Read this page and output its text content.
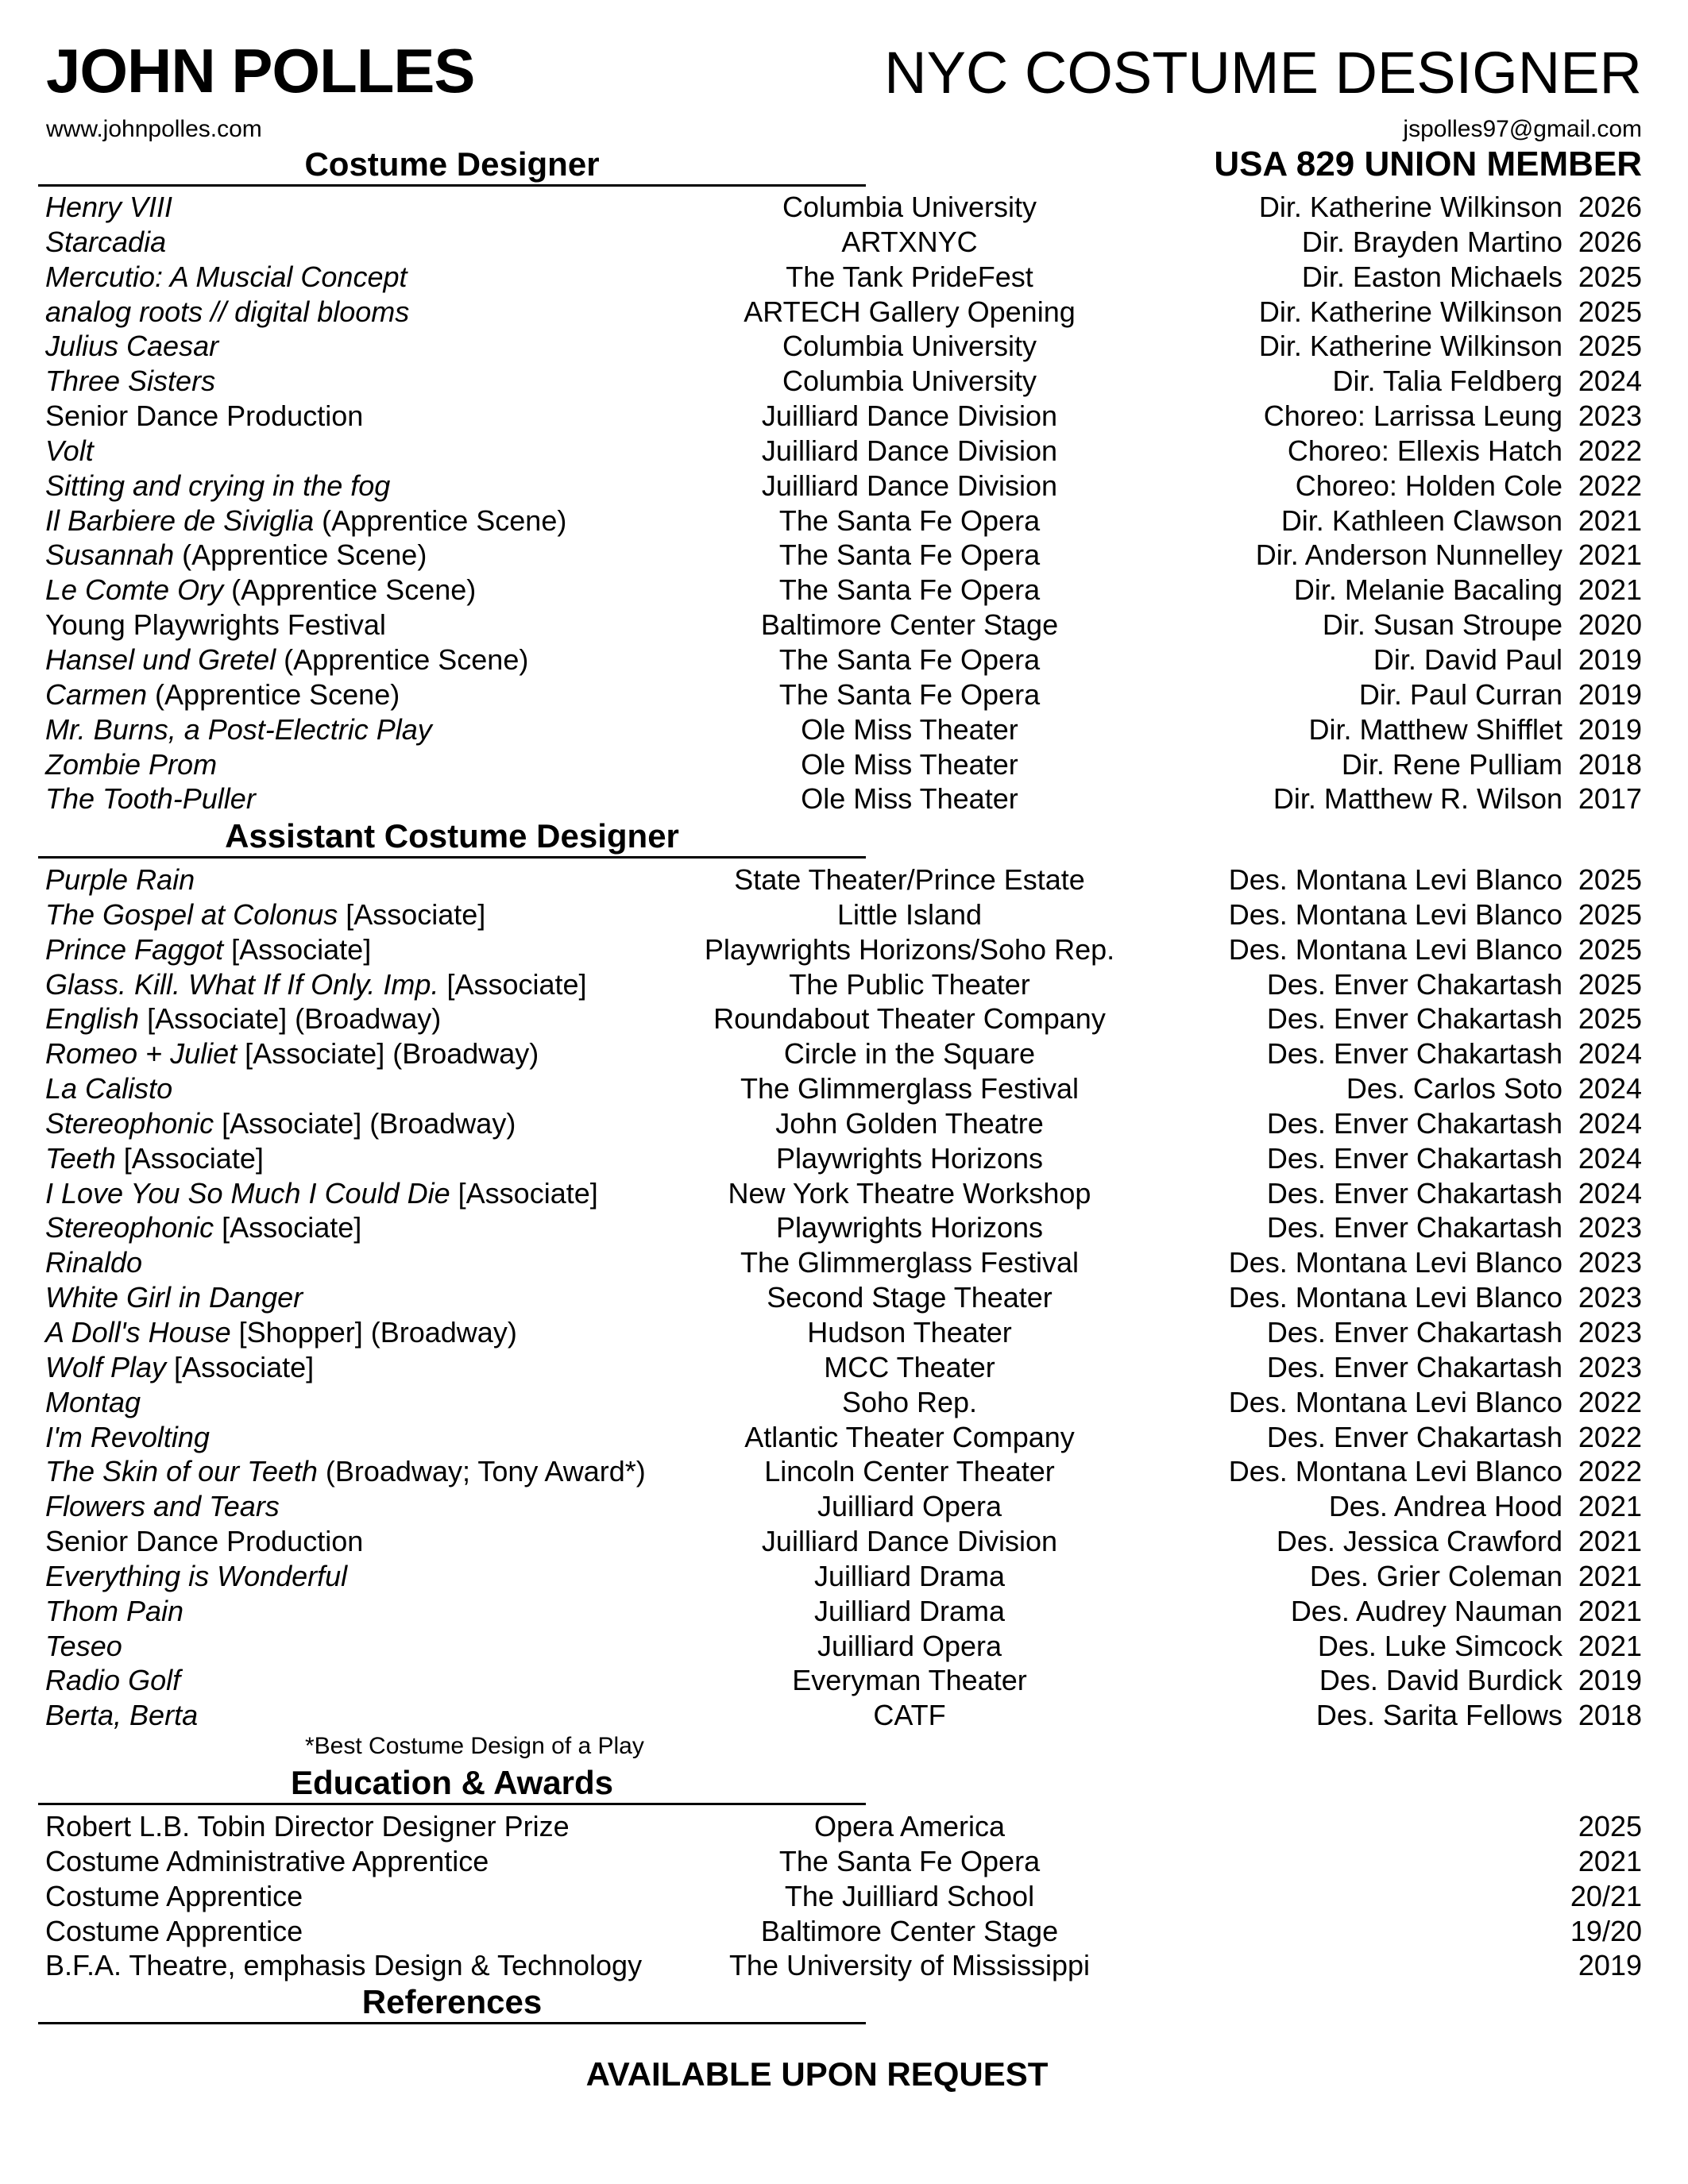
JOHN POLLES	NYC COSTUME DESIGNER
www.johnpolles.com	jspolles97@gmail.com
USA 829 UNION MEMBER
Costume Designer
Henry VIII	Columbia University	Dir. Katherine Wilkinson 2026
Starcadia	ARTXNYC	Dir. Brayden Martino 2026
Mercutio: A Muscial Concept	The Tank PrideFest	Dir. Easton Michaels 2025
analog roots // digital blooms	ARTECH Gallery Opening	Dir. Katherine Wilkinson 2025
Julius Caesar	Columbia University	Dir. Katherine Wilkinson 2025
Three Sisters	Columbia University	Dir. Talia Feldberg 2024
Senior Dance Production	Juilliard Dance Division	Choreo: Larrissa Leung 2023
Volt	Juilliard Dance Division	Choreo: Ellexis Hatch 2022
Sitting and crying in the fog	Juilliard Dance Division	Choreo: Holden Cole 2022
Il Barbiere de Siviglia (Apprentice Scene)	The Santa Fe Opera	Dir. Kathleen Clawson 2021
Susannah (Apprentice Scene)	The Santa Fe Opera	Dir. Anderson Nunnelley 2021
Le Comte Ory (Apprentice Scene)	The Santa Fe Opera	Dir. Melanie Bacaling 2021
Young Playwrights Festival	Baltimore Center Stage	Dir. Susan Stroupe 2020
Hansel und Gretel (Apprentice Scene)	The Santa Fe Opera	Dir. David Paul 2019
Carmen (Apprentice Scene)	The Santa Fe Opera	Dir. Paul Curran 2019
Mr. Burns, a Post-Electric Play	Ole Miss Theater	Dir. Matthew Shifflet 2019
Zombie Prom	Ole Miss Theater	Dir. Rene Pulliam 2018
The Tooth-Puller	Ole Miss Theater	Dir. Matthew R. Wilson 2017
Assistant Costume Designer
Purple Rain	State Theater/Prince Estate	Des. Montana Levi Blanco 2025
The Gospel at Colonus [Associate]	Little Island	Des. Montana Levi Blanco 2025
Prince Faggot [Associate]	Playwrights Horizons/Soho Rep.	Des. Montana Levi Blanco 2025
Glass. Kill. What If If Only. Imp. [Associate]	The Public Theater	Des. Enver Chakartash 2025
English [Associate] (Broadway)	Roundabout Theater Company	Des. Enver Chakartash 2025
Romeo + Juliet [Associate] (Broadway)	Circle in the Square	Des. Enver Chakartash 2024
La Calisto	The Glimmerglass Festival	Des. Carlos Soto 2024
Stereophonic [Associate] (Broadway)	John Golden Theatre	Des. Enver Chakartash 2024
Teeth [Associate]	Playwrights Horizons	Des. Enver Chakartash 2024
I Love You So Much I Could Die [Associate]	New York Theatre Workshop	Des. Enver Chakartash 2024
Stereophonic [Associate]	Playwrights Horizons	Des. Enver Chakartash 2023
Rinaldo	The Glimmerglass Festival	Des. Montana Levi Blanco 2023
White Girl in Danger	Second Stage Theater	Des. Montana Levi Blanco 2023
A Doll's House [Shopper] (Broadway)	Hudson Theater	Des. Enver Chakartash 2023
Wolf Play [Associate]	MCC Theater	Des. Enver Chakartash 2023
Montag	Soho Rep.	Des. Montana Levi Blanco 2022
I'm Revolting	Atlantic Theater Company	Des. Enver Chakartash 2022
The Skin of our Teeth (Broadway; Tony Award*)	Lincoln Center Theater	Des. Montana Levi Blanco 2022
Flowers and Tears	Juilliard Opera	Des. Andrea Hood 2021
Senior Dance Production	Juilliard Dance Division	Des. Jessica Crawford 2021
Everything is Wonderful	Juilliard Drama	Des. Grier Coleman 2021
Thom Pain	Juilliard Drama	Des. Audrey Nauman 2021
Teseo	Juilliard Opera	Des. Luke Simcock 2021
Radio Golf	Everyman Theater	Des. David Burdick 2019
Berta, Berta	CATF	Des. Sarita Fellows 2018
*Best Costume Design of a Play
Education & Awards
Robert L.B. Tobin Director Designer Prize	Opera America	2025
Costume Administrative Apprentice	The Santa Fe Opera	2021
Costume Apprentice	The Juilliard School	20/21
Costume Apprentice	Baltimore Center Stage	19/20
B.F.A. Theatre, emphasis Design & Technology	The University of Mississippi	2019
References
AVAILABLE UPON REQUEST
